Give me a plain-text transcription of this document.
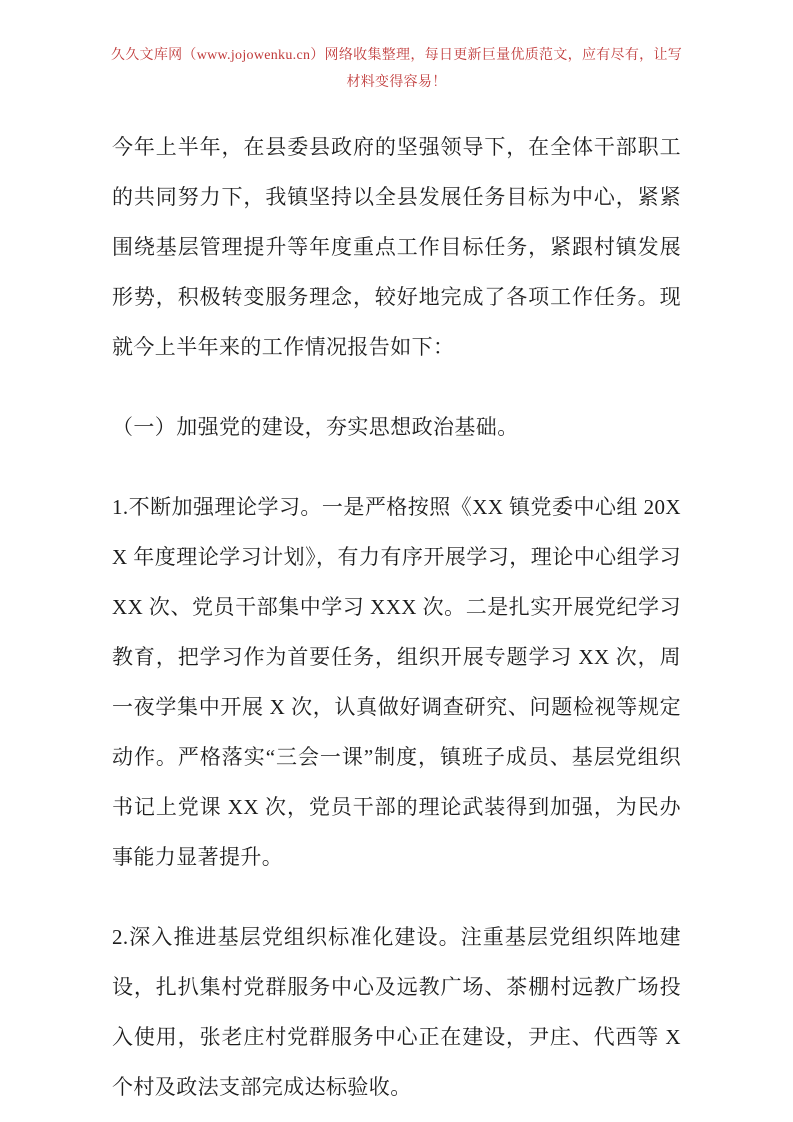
久久文库网（www.jojowenku.cn）网络收集整理，每日更新巨量优质范文，应有尽有，让写材料变得容易！

今年上半年，在县委县政府的坚强领导下，在全体干部职工的共同努力下，我镇坚持以全县发展任务目标为中心，紧紧围绕基层管理提升等年度重点工作目标任务，紧跟村镇发展形势，积极转变服务理念，较好地完成了各项工作任务。现就今上半年来的工作情况报告如下：

（一）加强党的建设，夯实思想政治基础。

1.不断加强理论学习。一是严格按照《XX 镇党委中心组 20XX 年度理论学习计划》，有力有序开展学习，理论中心组学习 XX 次、党员干部集中学习 XXX 次。二是扎实开展党纪学习教育，把学习作为首要任务，组织开展专题学习 XX 次，周一夜学集中开展 X 次，认真做好调查研究、问题检视等规定动作。严格落实“三会一课”制度，镇班子成员、基层党组织书记上党课 XX 次，党员干部的理论武装得到加强，为民办事能力显著提升。

2.深入推进基层党组织标准化建设。注重基层党组织阵地建设，扎扒集村党群服务中心及远教广场、茶棚村远教广场投入使用，张老庄村党群服务中心正在建设，尹庄、代西等 X 个村及政法支部完成达标验收。
